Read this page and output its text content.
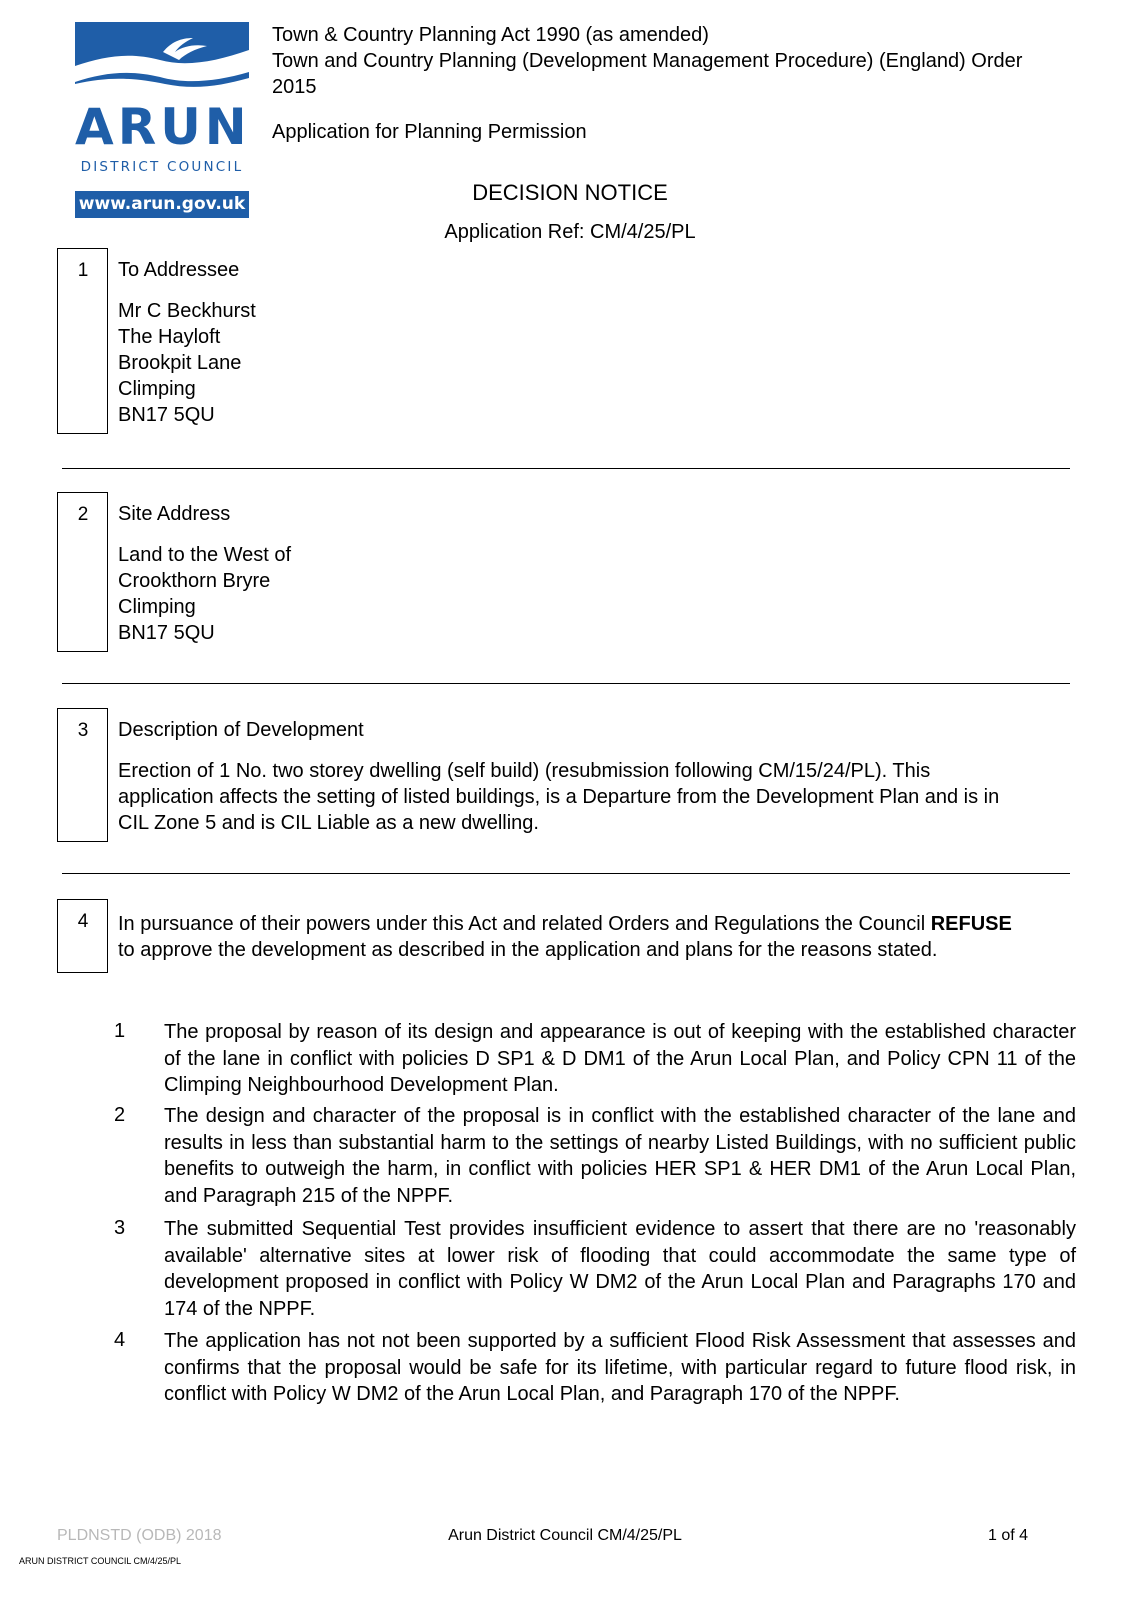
ARUN
DISTRICT COUNCIL
www.arun.gov.uk
Town & Country Planning Act 1990 (as amended)
Town and Country Planning (Development Management Procedure) (England) Order
2015
Application for Planning Permission
DECISION NOTICE
Application Ref: CM/4/25/PL
1	To Addressee
Mr C Beckhurst
The Hayloft
Brookpit Lane
Climping
BN17 5QU
2	Site Address
Land to the West of
Crookthorn Bryre
Climping
BN17 5QU
3	Description of Development
Erection of 1 No. two storey dwelling (self build) (resubmission following CM/15/24/PL). This
application affects the setting of listed buildings, is a Departure from the Development Plan and is in
CIL Zone 5 and is CIL Liable as a new dwelling.
4	In pursuance of their powers under this Act and related Orders and Regulations the Council REFUSE
to approve the development as described in the application and plans for the reasons stated.
1 The proposal by reason of its design and appearance is out of keeping with the established character of the lane in conflict with policies D SP1 & D DM1 of the Arun Local Plan, and Policy CPN 11 of the Climping Neighbourhood Development Plan.
2 The design and character of the proposal is in conflict with the established character of the lane and results in less than substantial harm to the settings of nearby Listed Buildings, with no sufficient public benefits to outweigh the harm, in conflict with policies HER SP1 & HER DM1 of the Arun Local Plan, and Paragraph 215 of the NPPF.
3 The submitted Sequential Test provides insufficient evidence to assert that there are no 'reasonably available' alternative sites at lower risk of flooding that could accommodate the same type of development proposed in conflict with Policy W DM2 of the Arun Local Plan and Paragraphs 170 and 174 of the NPPF.
4 The application has not not been supported by a sufficient Flood Risk Assessment that assesses and confirms that the proposal would be safe for its lifetime, with particular regard to future flood risk, in conflict with Policy W DM2 of the Arun Local Plan, and Paragraph 170 of the NPPF.
PLDNSTD (ODB) 2018	Arun District Council CM/4/25/PL	1 of 4
ARUN DISTRICT COUNCIL CM/4/25/PL
